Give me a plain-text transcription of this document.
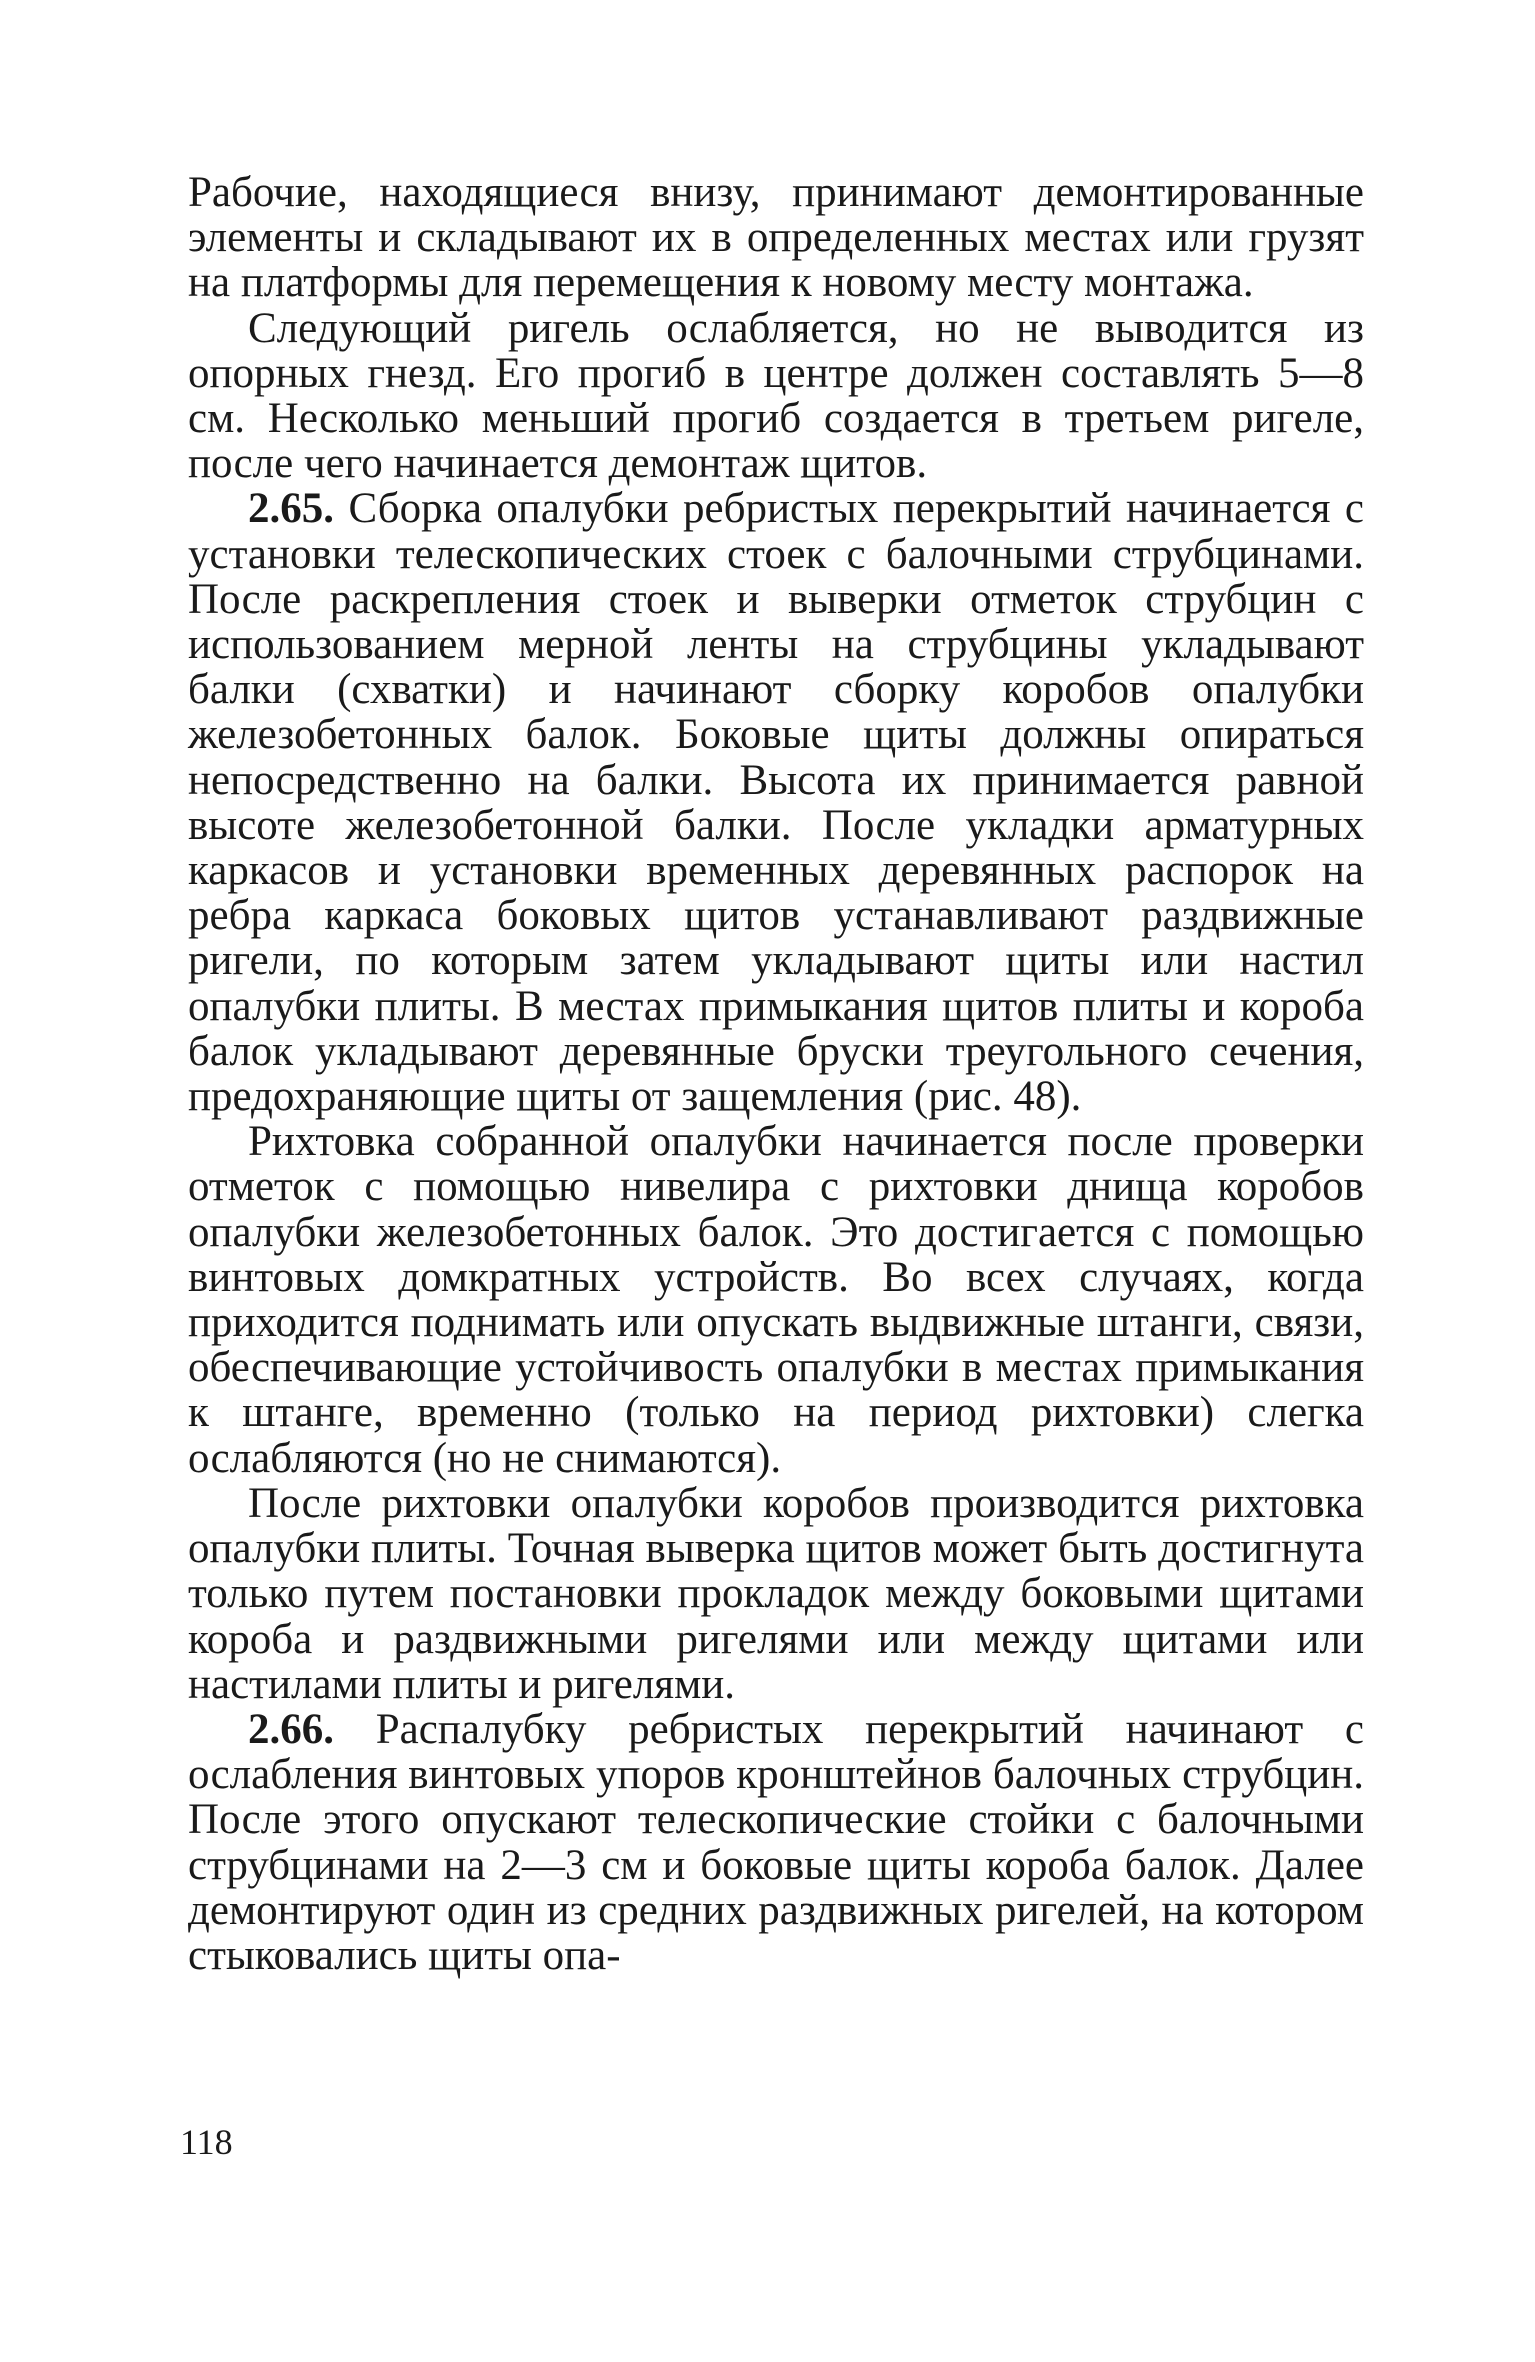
Рабочие, находящиеся внизу, принимают демонтированные элементы и складывают их в определенных местах или грузят на платформы для перемещения к новому месту монтажа.

Следующий ригель ослабляется, но не выводится из опорных гнезд. Его прогиб в центре должен составлять 5—8 см. Несколько меньший прогиб создается в третьем ригеле, после чего начинается демонтаж щитов.

2.65. Сборка опалубки ребристых перекрытий начинается с установки телескопических стоек с балочными струбцинами. После раскрепления стоек и выверки отметок струбцин с использованием мерной ленты на струбцины укладывают балки (схватки) и начинают сборку коробов опалубки железобетонных балок. Боковые щиты должны опираться непосредственно на балки. Высота их принимается равной высоте железобетонной балки. После укладки арматурных каркасов и установки временных деревянных распорок на ребра каркаса боковых щитов устанавливают раздвижные ригели, по которым затем укладывают щиты или настил опалубки плиты. В местах примыкания щитов плиты и короба балок укладывают деревянные бруски треугольного сечения, предохраняющие щиты от защемления (рис. 48).

Рихтовка собранной опалубки начинается после проверки отметок с помощью нивелира с рихтовки днища коробов опалубки железобетонных балок. Это достигается с помощью винтовых домкратных устройств. Во всех случаях, когда приходится поднимать или опускать выдвижные штанги, связи, обеспечивающие устойчивость опалубки в местах примыкания к штанге, временно (только на период рихтовки) слегка ослабляются (но не снимаются).

После рихтовки опалубки коробов производится рихтовка опалубки плиты. Точная выверка щитов может быть достигнута только путем постановки прокладок между боковыми щитами короба и раздвижными ригелями или между щитами или настилами плиты и ригелями.

2.66. Распалубку ребристых перекрытий начинают с ослабления винтовых упоров кронштейнов балочных струбцин. После этого опускают телескопические стойки с балочными струбцинами на 2—3 см и боковые щиты короба балок. Далее демонтируют один из средних раздвижных ригелей, на котором стыковались щиты опа-

118
